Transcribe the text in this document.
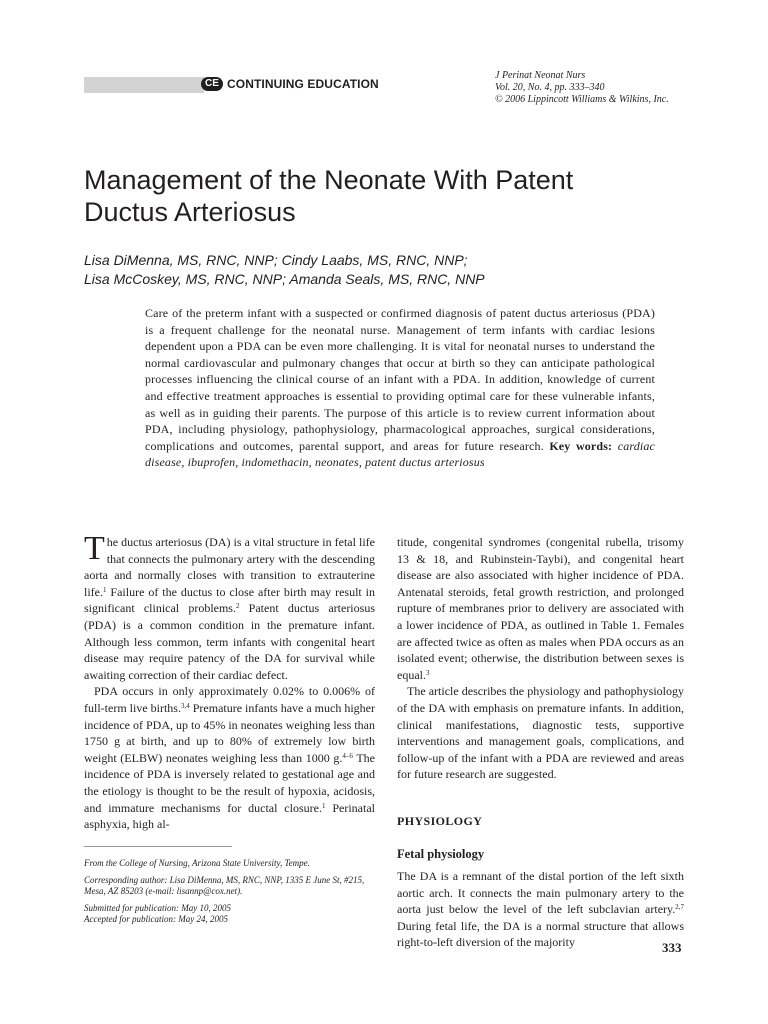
CE CONTINUING EDUCATION
J Perinat Neonat Nurs
Vol. 20, No. 4, pp. 333–340
© 2006 Lippincott Williams & Wilkins, Inc.
Management of the Neonate With Patent Ductus Arteriosus
Lisa DiMenna, MS, RNC, NNP; Cindy Laabs, MS, RNC, NNP;
Lisa McCoskey, MS, RNC, NNP; Amanda Seals, MS, RNC, NNP
Care of the preterm infant with a suspected or confirmed diagnosis of patent ductus arteriosus (PDA) is a frequent challenge for the neonatal nurse. Management of term infants with cardiac lesions dependent upon a PDA can be even more challenging. It is vital for neonatal nurses to understand the normal cardiovascular and pulmonary changes that occur at birth so they can anticipate pathological processes influencing the clinical course of an infant with a PDA. In addition, knowledge of current and effective treatment approaches is essential to providing optimal care for these vulnerable infants, as well as in guiding their parents. The purpose of this article is to review current information about PDA, including physiology, pathophysiology, pharmacological approaches, surgical considerations, complications and outcomes, parental support, and areas for future research. Key words: cardiac disease, ibuprofen, indomethacin, neonates, patent ductus arteriosus

The ductus arteriosus (DA) is a vital structure in fetal life that connects the pulmonary artery with the descending aorta and normally closes with transition to extrauterine life.$^1$ Failure of the ductus to close after birth may result in significant clinical problems.$^2$ Patent ductus arteriosus (PDA) is a common condition in the premature infant. Although less common, term infants with congenital heart disease may require patency of the DA for survival while awaiting correction of their cardiac defect.

PDA occurs in only approximately 0.02% to 0.006% of full-term live births.$^{3,4}$ Premature infants have a much higher incidence of PDA, up to 45% in neonates weighing less than 1750 g at birth, and up to 80% of extremely low birth weight (ELBW) neonates weighing less than 1000 g.$^{4-6}$ The incidence of PDA is inversely related to gestational age and the etiology is thought to be the result of hypoxia, acidosis, and immature mechanisms for ductal closure.$^1$ Perinatal asphyxia, high al-

titude, congenital syndromes (congenital rubella, trisomy 13 & 18, and Rubinstein-Taybi), and congenital heart disease are also associated with higher incidence of PDA. Antenatal steroids, fetal growth restriction, and prolonged rupture of membranes prior to delivery are associated with a lower incidence of PDA, as outlined in Table 1. Females are affected twice as often as males when PDA occurs as an isolated event; otherwise, the distribution between sexes is equal.$^3$

The article describes the physiology and pathophysiology of the DA with emphasis on premature infants. In addition, clinical manifestations, diagnostic tests, supportive interventions and management goals, complications, and follow-up of the infant with a PDA are reviewed and areas for future research are suggested.

PHYSIOLOGY
Fetal physiology

The DA is a remnant of the distal portion of the left sixth aortic arch. It connects the main pulmonary artery to the aorta just below the level of the left subclavian artery.$^{2,7}$ During fetal life, the DA is a normal structure that allows right-to-left diversion of the majority

From the College of Nursing, Arizona State University, Tempe.

Corresponding author: Lisa DiMenna, MS, RNC, NNP, 1335 E June St, #215, Mesa, AZ 85203 (e-mail: lisannp@cox.net).

Submitted for publication: May 10, 2005

Accepted for publication: May 24, 2005

333
